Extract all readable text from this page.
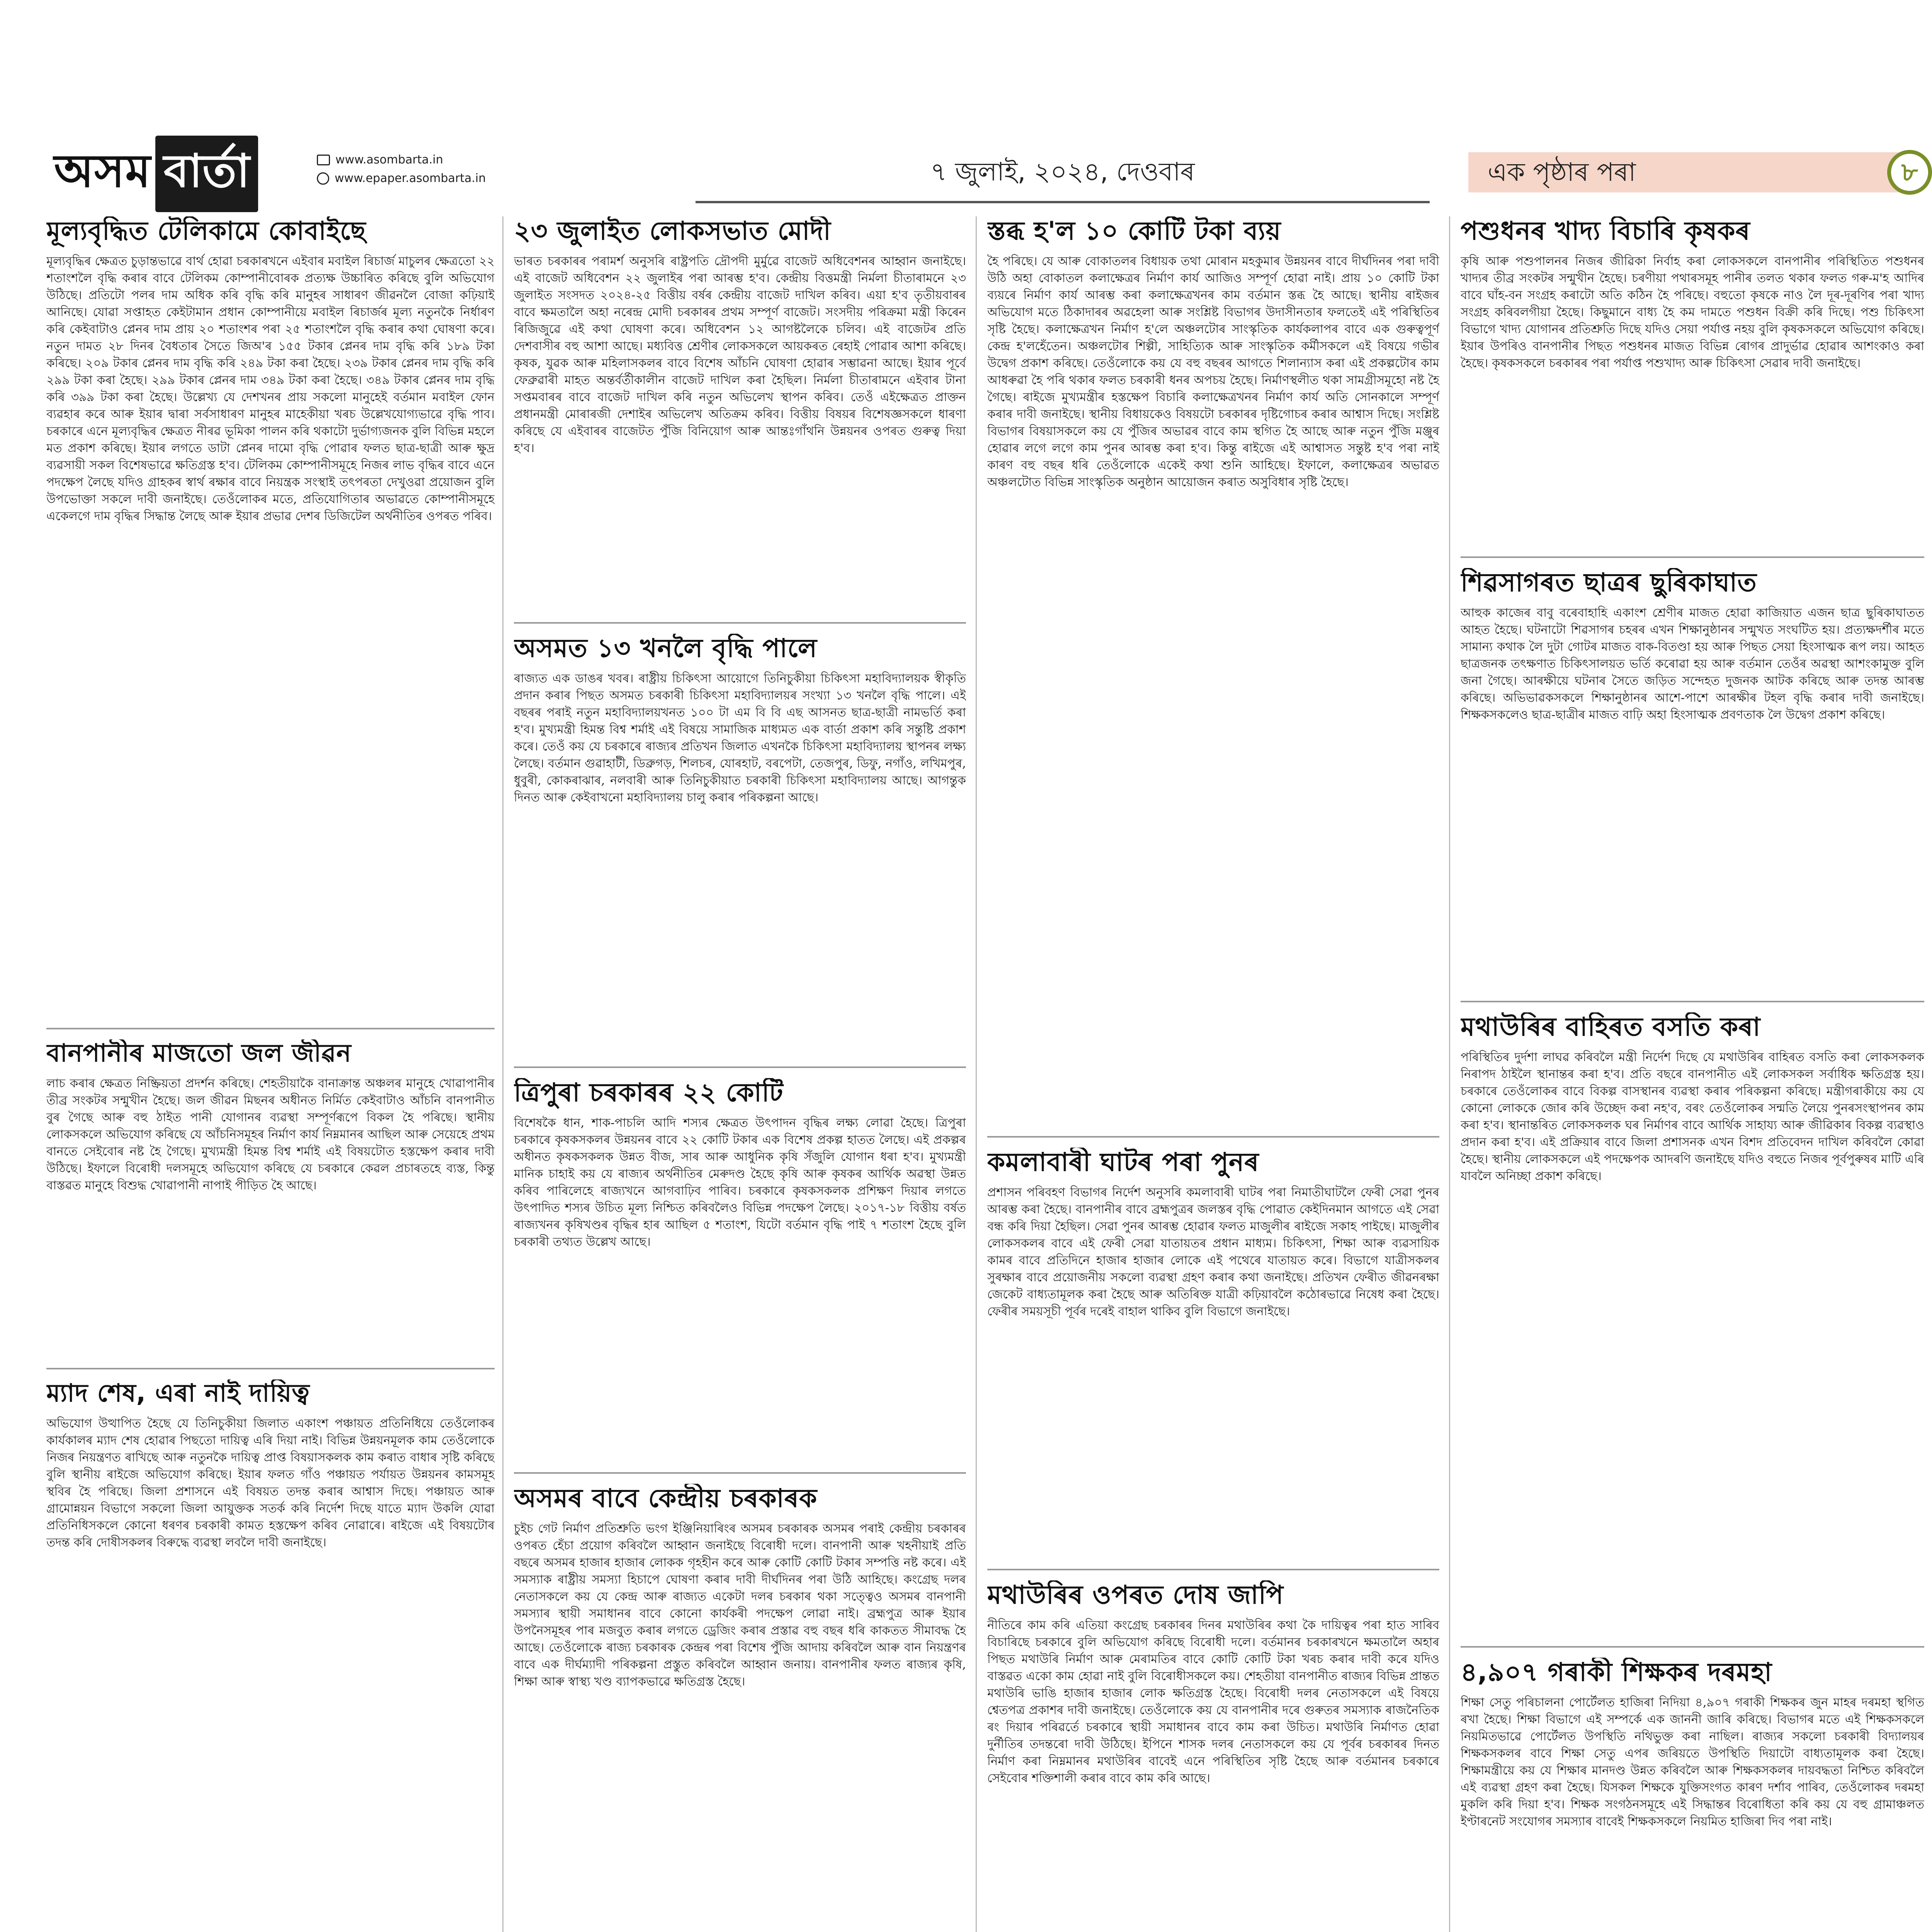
অসম বাৰ্তা	www.asombarta.in
www.epaper.asombarta.in	৭ জুলাই, ২০২৪, দেওবাৰ	এক পৃষ্ঠাৰ পৰা	৮
মূল্যবৃদ্ধিত টেলিকামে কোবাইছে
মূল্যবৃদ্ধিৰ ক্ষেত্ৰত চুড়ান্তভাৱে বাৰ্থ হোৱা চৰকাৰখনে এইবাৰ মবাইল ৰিচাৰ্জ মাচুলৰ ক্ষেত্ৰতো ২২ শতাংশলৈ বৃদ্ধি কৰাৰ বাবে টেলিকম কোম্পানীবোৰক প্ৰত্যক্ষ উচ্চাৰিত কৰিছে বুলি অভিযোগ উঠিছে। প্ৰতিটো পলৰ দাম অধিক কৰি বৃদ্ধি কৰি মানুহৰ সাধাৰণ জীৱনলৈ বোজা কঢ়িয়াই আনিছে। যোৱা সপ্তাহত কেইটামান প্ৰধান কোম্পানীয়ে মবাইল ৰিচাৰ্জৰ মূল্য নতুনকৈ নিৰ্ধাৰণ কৰি কেইবাটাও প্লেনৰ দাম প্ৰায় ২০ শতাংশৰ পৰা ২৫ শতাংশলৈ বৃদ্ধি কৰাৰ কথা ঘোষণা কৰে। নতুন দামত ২৮ দিনৰ বৈধতাৰ সৈতে জিঅ'ৰ ১৫৫ টকাৰ প্লেনৰ দাম বৃদ্ধি কৰি ১৮৯ টকা কৰিছে। ২০৯ টকাৰ প্লেনৰ দাম বৃদ্ধি কৰি ২৪৯ টকা কৰা হৈছে। ২৩৯ টকাৰ প্লেনৰ দাম বৃদ্ধি কৰি ২৯৯ টকা কৰা হৈছে। ২৯৯ টকাৰ প্লেনৰ দাম ৩৪৯ টকা কৰা হৈছে। ৩৪৯ টকাৰ প্লেনৰ দাম বৃদ্ধি কৰি ৩৯৯ টকা কৰা হৈছে। উল্লেখ্য যে দেশখনৰ প্ৰায় সকলো মানুহেই বৰ্তমান মবাইল ফোন ব্যৱহাৰ কৰে আৰু ইয়াৰ দ্বাৰা সৰ্বসাধাৰণ মানুহৰ মাহেকীয়া খৰচ উল্লেখযোগ্যভাৱে বৃদ্ধি পাব। চৰকাৰে এনে মূল্যবৃদ্ধিৰ ক্ষেত্ৰত নীৰৱ ভূমিকা পালন কৰি থকাটো দুৰ্ভাগ্যজনক বুলি বিভিন্ন মহলে মত প্ৰকাশ কৰিছে। ইয়াৰ লগতে ডাটা প্লেনৰ দামো বৃদ্ধি পোৱাৰ ফলত ছাত্ৰ-ছাত্ৰী আৰু ক্ষুদ্ৰ ব্যৱসায়ী সকল বিশেষভাৱে ক্ষতিগ্ৰস্ত হ'ব। টেলিকম কোম্পানীসমূহে নিজৰ লাভ বৃদ্ধিৰ বাবে এনে পদক্ষেপ লৈছে যদিও গ্ৰাহকৰ স্বাৰ্থ ৰক্ষাৰ বাবে নিয়ন্ত্ৰক সংস্থাই তৎপৰতা দেখুওৱা প্ৰয়োজন বুলি উপভোক্তা সকলে দাবী জনাইছে। তেওঁলোকৰ মতে, প্ৰতিযোগিতাৰ অভাৱতে কোম্পানীসমূহে একেলগে দাম বৃদ্ধিৰ সিদ্ধান্ত লৈছে আৰু ইয়াৰ প্ৰভাৱ দেশৰ ডিজিটেল অৰ্থনীতিৰ ওপৰত পৰিব।
বানপানীৰ মাজতো জল জীৱন
লাচ কৰাৰ ক্ষেত্ৰত নিষ্ক্ৰিয়তা প্ৰদৰ্শন কৰিছে। শেহতীয়াকৈ বানাক্ৰান্ত অঞ্চলৰ মানুহে খোৱাপানীৰ তীব্ৰ সংকটৰ সন্মুখীন হৈছে। জল জীৱন মিছনৰ অধীনত নিৰ্মিত কেইবাটাও আঁচনি বানপানীত বুৰ গৈছে আৰু বহু ঠাইত পানী যোগানৰ ব্যৱস্থা সম্পূৰ্ণৰূপে বিকল হৈ পৰিছে। স্থানীয় লোকসকলে অভিযোগ কৰিছে যে আঁচনিসমূহৰ নিৰ্মাণ কাৰ্য নিম্নমানৰ আছিল আৰু সেয়েহে প্ৰথম বানতে সেইবোৰ নষ্ট হৈ গৈছে। মুখ্যমন্ত্ৰী হিমন্ত বিশ্ব শৰ্মাই এই বিষয়টোত হস্তক্ষেপ কৰাৰ দাবী উঠিছে। ইফালে বিৰোধী দলসমূহে অভিযোগ কৰিছে যে চৰকাৰে কেৱল প্ৰচাৰতহে ব্যস্ত, কিন্তু বাস্তৱত মানুহে বিশুদ্ধ খোৱাপানী নাপাই পীড়িত হৈ আছে।
ম্যাদ শেষ, এৰা নাই দায়িত্ব
অভিযোগ উত্থাপিত হৈছে যে তিনিচুকীয়া জিলাত একাংশ পঞ্চায়ত প্ৰতিনিধিয়ে তেওঁলোকৰ কাৰ্যকালৰ ম্যাদ শেষ হোৱাৰ পিছতো দায়িত্ব এৰি দিয়া নাই। বিভিন্ন উন্নয়নমূলক কাম তেওঁলোকে নিজৰ নিয়ন্ত্ৰণত ৰাখিছে আৰু নতুনকৈ দায়িত্ব প্ৰাপ্ত বিষয়াসকলক কাম কৰাত বাধাৰ সৃষ্টি কৰিছে বুলি স্থানীয় ৰাইজে অভিযোগ কৰিছে। ইয়াৰ ফলত গাঁও পঞ্চায়ত পৰ্যায়ত উন্নয়নৰ কামসমূহ স্থবিৰ হৈ পৰিছে। জিলা প্ৰশাসনে এই বিষয়ত তদন্ত কৰাৰ আশ্বাস দিছে। পঞ্চায়ত আৰু গ্ৰামোন্নয়ন বিভাগে সকলো জিলা আয়ুক্তক সতৰ্ক কৰি নিৰ্দেশ দিছে যাতে ম্যাদ উকলি যোৱা প্ৰতিনিধিসকলে কোনো ধৰণৰ চৰকাৰী কামত হস্তক্ষেপ কৰিব নোৱাৰে। ৰাইজে এই বিষয়টোৰ তদন্ত কৰি দোষীসকলৰ বিৰুদ্ধে ব্যৱস্থা লবলৈ দাবী জনাইছে।
২৩ জুলাইত লোকসভাত মোদী
ভাৰত চৰকাৰৰ পৰামৰ্শ অনুসৰি ৰাষ্ট্ৰপতি দ্ৰৌপদী মুৰ্মুৱে বাজেট অধিবেশনৰ আহ্বান জনাইছে। এই বাজেট অধিবেশন ২২ জুলাইৰ পৰা আৰম্ভ হ'ব। কেন্দ্ৰীয় বিত্তমন্ত্ৰী নিৰ্মলা চীতাৰামনে ২৩ জুলাইত সংসদত ২০২৪-২৫ বিত্তীয় বৰ্ষৰ কেন্দ্ৰীয় বাজেট দাখিল কৰিব। এয়া হ'ব তৃতীয়বাৰৰ বাবে ক্ষমতালৈ অহা নৰেন্দ্ৰ মোদী চৰকাৰৰ প্ৰথম সম্পূৰ্ণ বাজেট। সংসদীয় পৰিক্ৰমা মন্ত্ৰী কিৰেন ৰিজিজুৱে এই কথা ঘোষণা কৰে। অধিবেশন ১২ আগষ্টলৈকে চলিব। এই বাজেটৰ প্ৰতি দেশবাসীৰ বহু আশা আছে। মধ্যবিত্ত শ্ৰেণীৰ লোকসকলে আয়কৰত ৰেহাই পোৱাৰ আশা কৰিছে। কৃষক, যুৱক আৰু মহিলাসকলৰ বাবে বিশেষ আঁচনি ঘোষণা হোৱাৰ সম্ভাৱনা আছে। ইয়াৰ পূৰ্বে ফেব্ৰুৱাৰী মাহত অন্তৰ্বৰ্তীকালীন বাজেট দাখিল কৰা হৈছিল। নিৰ্মলা চীতাৰামনে এইবাৰ টানা সপ্তমবাৰৰ বাবে বাজেট দাখিল কৰি নতুন অভিলেখ স্থাপন কৰিব। তেওঁ এইক্ষেত্ৰত প্ৰাক্তন প্ৰধানমন্ত্ৰী মোৰাৰজী দেশাইৰ অভিলেখ অতিক্ৰম কৰিব। বিত্তীয় বিষয়ৰ বিশেষজ্ঞসকলে ধাৰণা কৰিছে যে এইবাৰৰ বাজেটত পুঁজি বিনিয়োগ আৰু আন্তঃগাঁথনি উন্নয়নৰ ওপৰত গুৰুত্ব দিয়া হ'ব।
অসমত ১৩ খনলৈ বৃদ্ধি পালে
ৰাজ্যত এক ডাঙৰ খবৰ। ৰাষ্ট্ৰীয় চিকিৎসা আয়োগে তিনিচুকীয়া চিকিৎসা মহাবিদ্যালয়ক স্বীকৃতি প্ৰদান কৰাৰ পিছত অসমত চৰকাৰী চিকিৎসা মহাবিদ্যালয়ৰ সংখ্যা ১৩ খনলৈ বৃদ্ধি পালে। এই বছৰৰ পৰাই নতুন মহাবিদ্যালয়খনত ১০০ টা এম বি বি এছ আসনত ছাত্ৰ-ছাত্ৰী নামভৰ্তি কৰা হ'ব। মুখ্যমন্ত্ৰী হিমন্ত বিশ্ব শৰ্মাই এই বিষয়ে সামাজিক মাধ্যমত এক বাৰ্তা প্ৰকাশ কৰি সন্তুষ্টি প্ৰকাশ কৰে। তেওঁ কয় যে চৰকাৰে ৰাজ্যৰ প্ৰতিখন জিলাত এখনকৈ চিকিৎসা মহাবিদ্যালয় স্থাপনৰ লক্ষ্য লৈছে। বৰ্তমান গুৱাহাটী, ডিব্ৰুগড়, শিলচৰ, যোৰহাট, বৰপেটা, তেজপুৰ, ডিফু, নগাঁও, লখিমপুৰ, ধুবুৰী, কোকৰাঝাৰ, নলবাৰী আৰু তিনিচুকীয়াত চৰকাৰী চিকিৎসা মহাবিদ্যালয় আছে। আগন্তুক দিনত আৰু কেইবাখনো মহাবিদ্যালয় চালু কৰাৰ পৰিকল্পনা আছে।
ত্ৰিপুৰা চৰকাৰৰ ২২ কোটি
বিশেষকৈ ধান, শাক-পাচলি আদি শস্যৰ ক্ষেত্ৰত উৎপাদন বৃদ্ধিৰ লক্ষ্য লোৱা হৈছে। ত্ৰিপুৰা চৰকাৰে কৃষকসকলৰ উন্নয়নৰ বাবে ২২ কোটি টকাৰ এক বিশেষ প্ৰকল্প হাতত লৈছে। এই প্ৰকল্পৰ অধীনত কৃষকসকলক উন্নত বীজ, সাৰ আৰু আধুনিক কৃষি সঁজুলি যোগান ধৰা হ'ব। মুখ্যমন্ত্ৰী মানিক চাহাই কয় যে ৰাজ্যৰ অৰ্থনীতিৰ মেৰুদণ্ড হৈছে কৃষি আৰু কৃষকৰ আৰ্থিক অৱস্থা উন্নত কৰিব পাৰিলেহে ৰাজ্যখনে আগবাঢ়িব পাৰিব। চৰকাৰে কৃষকসকলক প্ৰশিক্ষণ দিয়াৰ লগতে উৎপাদিত শস্যৰ উচিত মূল্য নিশ্চিত কৰিবলৈও বিভিন্ন পদক্ষেপ লৈছে। ২০১৭-১৮ বিত্তীয় বৰ্ষত ৰাজ্যখনৰ কৃষিখণ্ডৰ বৃদ্ধিৰ হাৰ আছিল ৫ শতাংশ, যিটো বৰ্তমান বৃদ্ধি পাই ৭ শতাংশ হৈছে বুলি চৰকাৰী তথ্যত উল্লেখ আছে।
অসমৰ বাবে কেন্দ্ৰীয় চৰকাৰক
চুইচ গেট নিৰ্মাণ প্ৰতিশ্ৰুতি ভংগ ইঞ্জিনিয়াৰিংৰ অসমৰ চৰকাৰক অসমৰ পৰাই কেন্দ্ৰীয় চৰকাৰৰ ওপৰত হেঁচা প্ৰয়োগ কৰিবলৈ আহ্বান জনাইছে বিৰোধী দলে। বানপানী আৰু খহনীয়াই প্ৰতি বছৰে অসমৰ হাজাৰ হাজাৰ লোকক গৃহহীন কৰে আৰু কোটি কোটি টকাৰ সম্পত্তি নষ্ট কৰে। এই সমস্যাক ৰাষ্ট্ৰীয় সমস্যা হিচাপে ঘোষণা কৰাৰ দাবী দীৰ্ঘদিনৰ পৰা উঠি আহিছে। কংগ্ৰেছ দলৰ নেতাসকলে কয় যে কেন্দ্ৰ আৰু ৰাজ্যত একেটা দলৰ চৰকাৰ থকা সত্ত্বেও অসমৰ বানপানী সমস্যাৰ স্থায়ী সমাধানৰ বাবে কোনো কাৰ্যকৰী পদক্ষেপ লোৱা নাই। ব্ৰহ্মপুত্ৰ আৰু ইয়াৰ উপনৈসমূহৰ পাৰ মজবুত কৰাৰ লগতে ড্ৰেজিং কৰাৰ প্ৰস্তাৱ বহু বছৰ ধৰি কাকতত সীমাবদ্ধ হৈ আছে। তেওঁলোকে ৰাজ্য চৰকাৰক কেন্দ্ৰৰ পৰা বিশেষ পুঁজি আদায় কৰিবলৈ আৰু বান নিয়ন্ত্ৰণৰ বাবে এক দীৰ্ঘম্যাদী পৰিকল্পনা প্ৰস্তুত কৰিবলৈ আহ্বান জনায়। বানপানীৰ ফলত ৰাজ্যৰ কৃষি, শিক্ষা আৰু স্বাস্থ্য খণ্ড ব্যাপকভাৱে ক্ষতিগ্ৰস্ত হৈছে।
স্তব্ধ হ'ল ১০ কোটি টকা ব্যয়
হৈ পৰিছে। যে আৰু বোকাতলৰ বিধায়ক তথা মোৰান মহকুমাৰ উন্নয়নৰ বাবে দীৰ্ঘদিনৰ পৰা দাবী উঠি অহা বোকাতল কলাক্ষেত্ৰৰ নিৰ্মাণ কাৰ্য আজিও সম্পূৰ্ণ হোৱা নাই। প্ৰায় ১০ কোটি টকা ব্যয়ৰে নিৰ্মাণ কাৰ্য আৰম্ভ কৰা কলাক্ষেত্ৰখনৰ কাম বৰ্তমান স্তব্ধ হৈ আছে। স্থানীয় ৰাইজৰ অভিযোগ মতে ঠিকাদাৰৰ অৱহেলা আৰু সংশ্লিষ্ট বিভাগৰ উদাসীনতাৰ ফলতেই এই পৰিস্থিতিৰ সৃষ্টি হৈছে। কলাক্ষেত্ৰখন নিৰ্মাণ হ'লে অঞ্চলটোৰ সাংস্কৃতিক কাৰ্যকলাপৰ বাবে এক গুৰুত্বপূৰ্ণ কেন্দ্ৰ হ'লহেঁতেন। অঞ্চলটোৰ শিল্পী, সাহিত্যিক আৰু সাংস্কৃতিক কৰ্মীসকলে এই বিষয়ে গভীৰ উদ্বেগ প্ৰকাশ কৰিছে। তেওঁলোকে কয় যে বহু বছৰৰ আগতে শিলান্যাস কৰা এই প্ৰকল্পটোৰ কাম আধৰুৱা হৈ পৰি থকাৰ ফলত চৰকাৰী ধনৰ অপচয় হৈছে। নিৰ্মাণস্থলীত থকা সামগ্ৰীসমূহো নষ্ট হৈ গৈছে। ৰাইজে মুখ্যমন্ত্ৰীৰ হস্তক্ষেপ বিচাৰি কলাক্ষেত্ৰখনৰ নিৰ্মাণ কাৰ্য অতি সোনকালে সম্পূৰ্ণ কৰাৰ দাবী জনাইছে। স্থানীয় বিধায়কেও বিষয়টো চৰকাৰৰ দৃষ্টিগোচৰ কৰাৰ আশ্বাস দিছে। সংশ্লিষ্ট বিভাগৰ বিষয়াসকলে কয় যে পুঁজিৰ অভাৱৰ বাবে কাম স্থগিত হৈ আছে আৰু নতুন পুঁজি মঞ্জুৰ হোৱাৰ লগে লগে কাম পুনৰ আৰম্ভ কৰা হ'ব। কিন্তু ৰাইজে এই আশ্বাসত সন্তুষ্ট হ'ব পৰা নাই কাৰণ বহু বছৰ ধৰি তেওঁলোকে একেই কথা শুনি আহিছে। ইফালে, কলাক্ষেত্ৰৰ অভাৱত অঞ্চলটোত বিভিন্ন সাংস্কৃতিক অনুষ্ঠান আয়োজন কৰাত অসুবিধাৰ সৃষ্টি হৈছে।
কমলাবাৰী ঘাটৰ পৰা পুনৰ
প্ৰশাসন পৰিবহণ বিভাগৰ নিৰ্দেশ অনুসৰি কমলাবাৰী ঘাটৰ পৰা নিমাতীঘাটলৈ ফেৰী সেৱা পুনৰ আৰম্ভ কৰা হৈছে। বানপানীৰ বাবে ব্ৰহ্মপুত্ৰৰ জলস্তৰ বৃদ্ধি পোৱাত কেইদিনমান আগতে এই সেৱা বন্ধ কৰি দিয়া হৈছিল। সেৱা পুনৰ আৰম্ভ হোৱাৰ ফলত মাজুলীৰ ৰাইজে সকাহ পাইছে। মাজুলীৰ লোকসকলৰ বাবে এই ফেৰী সেৱা যাতায়তৰ প্ৰধান মাধ্যম। চিকিৎসা, শিক্ষা আৰু ব্যৱসায়িক কামৰ বাবে প্ৰতিদিনে হাজাৰ হাজাৰ লোকে এই পথেৰে যাতায়ত কৰে। বিভাগে যাত্ৰীসকলৰ সুৰক্ষাৰ বাবে প্ৰয়োজনীয় সকলো ব্যৱস্থা গ্ৰহণ কৰাৰ কথা জনাইছে। প্ৰতিখন ফেৰীত জীৱনৰক্ষা জেকেট বাধ্যতামূলক কৰা হৈছে আৰু অতিৰিক্ত যাত্ৰী কঢ়িয়াবলৈ কঠোৰভাৱে নিষেধ কৰা হৈছে। ফেৰীৰ সময়সূচী পূৰ্বৰ দৰেই বাহাল থাকিব বুলি বিভাগে জনাইছে।
মথাউৰিৰ ওপৰত দোষ জাপি
নীতিৰে কাম কৰি এতিয়া কংগ্ৰেছ চৰকাৰৰ দিনৰ মথাউৰিৰ কথা কৈ দায়িত্বৰ পৰা হাত সাৰিব বিচাৰিছে চৰকাৰে বুলি অভিযোগ কৰিছে বিৰোধী দলে। বৰ্তমানৰ চৰকাৰখনে ক্ষমতালৈ অহাৰ পিছত মথাউৰি নিৰ্মাণ আৰু মেৰামতিৰ বাবে কোটি কোটি টকা খৰচ কৰাৰ দাবী কৰে যদিও বাস্তৱত একো কাম হোৱা নাই বুলি বিৰোধীসকলে কয়। শেহতীয়া বানপানীত ৰাজ্যৰ বিভিন্ন প্ৰান্তত মথাউৰি ভাঙি হাজাৰ হাজাৰ লোক ক্ষতিগ্ৰস্ত হৈছে। বিৰোধী দলৰ নেতাসকলে এই বিষয়ে শ্বেতপত্ৰ প্ৰকাশৰ দাবী জনাইছে। তেওঁলোকে কয় যে বানপানীৰ দৰে গুৰুতৰ সমস্যাক ৰাজনৈতিক ৰং দিয়াৰ পৰিৱৰ্তে চৰকাৰে স্থায়ী সমাধানৰ বাবে কাম কৰা উচিত। মথাউৰি নিৰ্মাণত হোৱা দুৰ্নীতিৰ তদন্তৰো দাবী উঠিছে। ইপিনে শাসক দলৰ নেতাসকলে কয় যে পূৰ্বৰ চৰকাৰৰ দিনত নিৰ্মাণ কৰা নিম্নমানৰ মথাউৰিৰ বাবেই এনে পৰিস্থিতিৰ সৃষ্টি হৈছে আৰু বৰ্তমানৰ চৰকাৰে সেইবোৰ শক্তিশালী কৰাৰ বাবে কাম কৰি আছে।
পশুধনৰ খাদ্য বিচাৰি কৃষকৰ
কৃষি আৰু পশুপালনৰ নিজৰ জীৱিকা নিৰ্বাহ কৰা লোকসকলে বানপানীৰ পৰিস্থিতিত পশুধনৰ খাদ্যৰ তীব্ৰ সংকটৰ সন্মুখীন হৈছে। চৰণীয়া পথাৰসমূহ পানীৰ তলত থকাৰ ফলত গৰু-ম'হ আদিৰ বাবে ঘাঁহ-বন সংগ্ৰহ কৰাটো অতি কঠিন হৈ পৰিছে। বহুতো কৃষকে নাও লৈ দূৰ-দূৰণিৰ পৰা খাদ্য সংগ্ৰহ কৰিবলগীয়া হৈছে। কিছুমানে বাধ্য হৈ কম দামতে পশুধন বিক্ৰী কৰি দিছে। পশু চিকিৎসা বিভাগে খাদ্য যোগানৰ প্ৰতিশ্ৰুতি দিছে যদিও সেয়া পৰ্যাপ্ত নহয় বুলি কৃষকসকলে অভিযোগ কৰিছে। ইয়াৰ উপৰিও বানপানীৰ পিছত পশুধনৰ মাজত বিভিন্ন ৰোগৰ প্ৰাদুৰ্ভাৱ হোৱাৰ আশংকাও কৰা হৈছে। কৃষকসকলে চৰকাৰৰ পৰা পৰ্যাপ্ত পশুখাদ্য আৰু চিকিৎসা সেৱাৰ দাবী জনাইছে।
শিৱসাগৰত ছাত্ৰৰ ছুৰিকাঘাত
আহুক কাজেৰ বাবু বৰেবাহাহি একাংশ শ্ৰেণীৰ মাজত হোৱা কাজিয়াত এজন ছাত্ৰ ছুৰিকাঘাতত আহত হৈছে। ঘটনাটো শিৱসাগৰ চহৰৰ এখন শিক্ষানুষ্ঠানৰ সন্মুখত সংঘটিত হয়। প্ৰত্যক্ষদৰ্শীৰ মতে সামান্য কথাক লৈ দুটা গোটৰ মাজত বাক-বিতণ্ডা হয় আৰু পিছত সেয়া হিংসাত্মক ৰূপ লয়। আহত ছাত্ৰজনক তৎক্ষণাত চিকিৎসালয়ত ভৰ্তি কৰোৱা হয় আৰু বৰ্তমান তেওঁৰ অৱস্থা আশংকামুক্ত বুলি জনা গৈছে। আৰক্ষীয়ে ঘটনাৰ সৈতে জড়িত সন্দেহত দুজনক আটক কৰিছে আৰু তদন্ত আৰম্ভ কৰিছে। অভিভাৱকসকলে শিক্ষানুষ্ঠানৰ আশে-পাশে আৰক্ষীৰ টহল বৃদ্ধি কৰাৰ দাবী জনাইছে। শিক্ষকসকলেও ছাত্ৰ-ছাত্ৰীৰ মাজত বাঢ়ি অহা হিংসাত্মক প্ৰবণতাক লৈ উদ্বেগ প্ৰকাশ কৰিছে।
মথাউৰিৰ বাহিৰত বসতি কৰা
পৰিস্থিতিৰ দুৰ্দশা লাঘৱ কৰিবলৈ মন্ত্ৰী নিৰ্দেশ দিছে যে মথাউৰিৰ বাহিৰত বসতি কৰা লোকসকলক নিৰাপদ ঠাইলৈ স্থানান্তৰ কৰা হ'ব। প্ৰতি বছৰে বানপানীত এই লোকসকল সৰ্বাধিক ক্ষতিগ্ৰস্ত হয়। চৰকাৰে তেওঁলোকৰ বাবে বিকল্প বাসস্থানৰ ব্যৱস্থা কৰাৰ পৰিকল্পনা কৰিছে। মন্ত্ৰীগৰাকীয়ে কয় যে কোনো লোককে জোৰ কৰি উচ্ছেদ কৰা নহ'ব, বৰং তেওঁলোকৰ সন্মতি লৈয়ে পুনৰসংস্থাপনৰ কাম কৰা হ'ব। স্থানান্তৰিত লোকসকলক ঘৰ নিৰ্মাণৰ বাবে আৰ্থিক সাহায্য আৰু জীৱিকাৰ বিকল্প ব্যৱস্থাও প্ৰদান কৰা হ'ব। এই প্ৰক্ৰিয়াৰ বাবে জিলা প্ৰশাসনক এখন বিশদ প্ৰতিবেদন দাখিল কৰিবলৈ কোৱা হৈছে। স্থানীয় লোকসকলে এই পদক্ষেপক আদৰণি জনাইছে যদিও বহুতে নিজৰ পূৰ্বপুৰুষৰ মাটি এৰি যাবলৈ অনিচ্ছা প্ৰকাশ কৰিছে।
৪,৯০৭ গৰাকী শিক্ষকৰ দৰমহা
শিক্ষা সেতু পৰিচালনা পোৰ্টেলত হাজিৰা নিদিয়া ৪,৯০৭ গৰাকী শিক্ষকৰ জুন মাহৰ দৰমহা স্থগিত ৰখা হৈছে। শিক্ষা বিভাগে এই সম্পৰ্কে এক জাননী জাৰি কৰিছে। বিভাগৰ মতে এই শিক্ষকসকলে নিয়মিতভাৱে পোৰ্টেলত উপস্থিতি নথিভুক্ত কৰা নাছিল। ৰাজ্যৰ সকলো চৰকাৰী বিদ্যালয়ৰ শিক্ষকসকলৰ বাবে শিক্ষা সেতু এপৰ জৰিয়তে উপস্থিতি দিয়াটো বাধ্যতামূলক কৰা হৈছে। শিক্ষামন্ত্ৰীয়ে কয় যে শিক্ষাৰ মানদণ্ড উন্নত কৰিবলৈ আৰু শিক্ষকসকলৰ দায়বদ্ধতা নিশ্চিত কৰিবলৈ এই ব্যৱস্থা গ্ৰহণ কৰা হৈছে। যিসকল শিক্ষকে যুক্তিসংগত কাৰণ দৰ্শাব পাৰিব, তেওঁলোকৰ দৰমহা মুকলি কৰি দিয়া হ'ব। শিক্ষক সংগঠনসমূহে এই সিদ্ধান্তৰ বিৰোধিতা কৰি কয় যে বহু গ্ৰামাঞ্চলত ইণ্টাৰনেট সংযোগৰ সমস্যাৰ বাবেই শিক্ষকসকলে নিয়মিত হাজিৰা দিব পৰা নাই।
